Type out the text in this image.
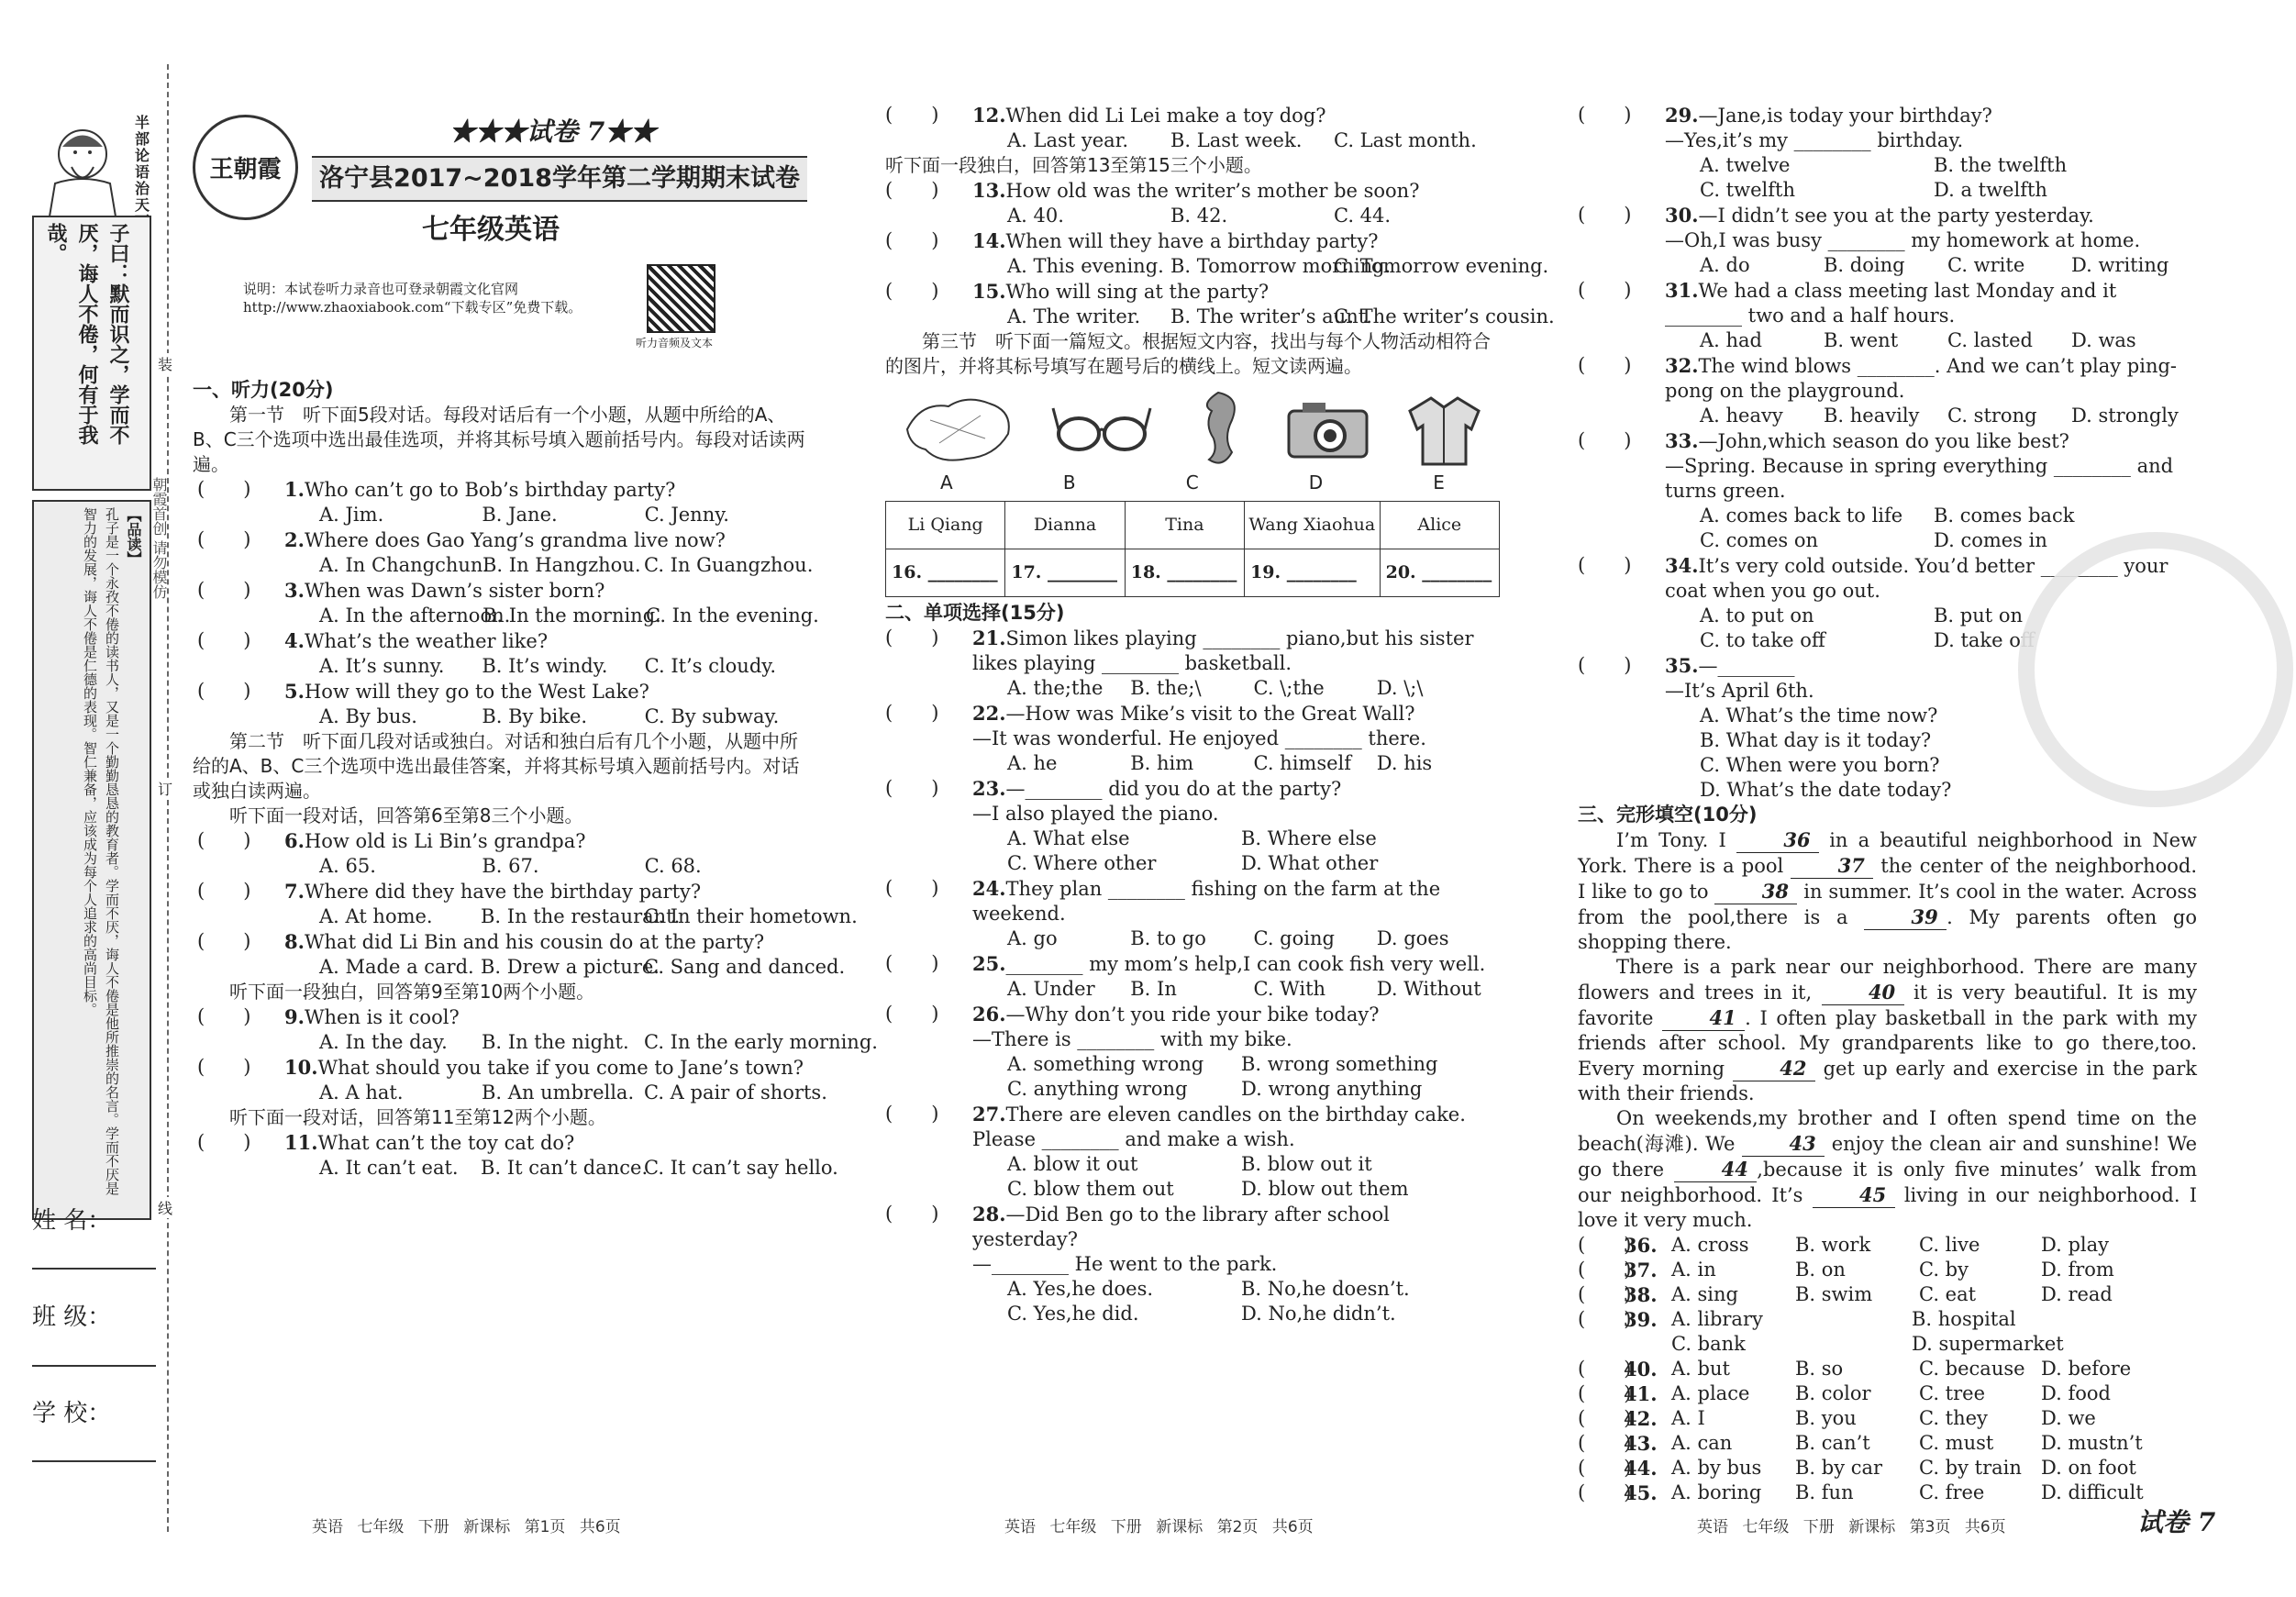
半
部
论
语
治
天

子曰：默而识之，学而不厌，诲人不倦，何有于我哉。
【品读】
孔子是一个永孜不倦的读书人，又是一个勤勤恳恳的教育者。学而不厌，诲人不倦是他所推崇的名言。学而不厌是智力的发展，诲人不倦是仁德的表现。智仁兼备，应该成为每个人追求的高尚目标。
姓 名：
班 级：
学 校：
装
订
线
朝霞首创 请勿模仿
王朝霞
★★★试卷 7★★
洛宁县2017~2018学年第二学期期末试卷
七年级英语
说明：本试卷听力录音也可登录朝霞文化官网 http://www.zhaoxiabook.com“下载专区”免费下载。
听力音频及文本
一、听力(20分)
第一节　听下面5段对话。每段对话后有一个小题，从题中所给的A、B、C三个选项中选出最佳选项，并将其标号填入题前括号内。每段对话读两遍。
(  ) 1.Who can’t go to Bob’s birthday party?
A. Jim.	B. Jane.	C. Jenny.
(  ) 2.Where does Gao Yang’s grandma live now?
A. In Changchun.
B. In Hangzhou. C. In Guangzhou.
(  ) 3.When was Dawn’s sister born?
A. In the afternoon.
B. In the morning.
C. In the evening.
(  ) 4.What’s the weather like?
A. It’s sunny.	B. It’s windy.	C. It’s cloudy.
(  ) 5.How will they go to the West Lake?
A. By bus.	B. By bike.	C. By subway.
第二节　听下面几段对话或独白。对话和独白后有几个小题，从题中所给的A、B、C三个选项中选出最佳答案，并将其标号填入题前括号内。对话或独白读两遍。
听下面一段对话，回答第6至第8三个小题。
(  ) 6.How old is Li Bin’s grandpa?
A. 65.	B. 67.	C. 68.
(  ) 7.Where did they have the birthday party?
A. At home.	B. In the restaurant.
C. In their hometown.
(  ) 8.What did Li Bin and his cousin do at the party?
A. Made a card. B. Drew a picture.
C. Sang and danced.
听下面一段独白，回答第9至第10两个小题。
(  ) 9.When is it cool?
A. In the day.	B. In the night. C. In the early morning.
(  ) 10.What should you take if you come to Jane’s town?
A. A hat.	B. An umbrella. C. A pair of shorts.
听下面一段对话，回答第11至第12两个小题。
(  ) 11.What can’t the toy cat do?
A. It can’t eat.	B. It can’t dance.
C. It can’t say hello.
英语 七年级 下册 新课标 第1页 共6页
(  ) 12.When did Li Lei make a toy dog?
A. Last year.	B. Last week.	C. Last month.
听下面一段独白，回答第13至第15三个小题。
(  ) 13.How old was the writer’s mother be soon?
A. 40.	B. 42.	C. 44.
(  ) 14.When will they have a birthday party?
A. This evening. B. Tomorrow morning.
C. Tomorrow evening.
(  ) 15.Who will sing at the party?
A. The writer.	B. The writer’s aunt.
C. The writer’s cousin.
第三节　听下面一篇短文。根据短文内容，找出与每个人物活动相符合的图片，并将其标号填写在题号后的横线上。短文读两遍。
A	B	C	D	E
Li Qiang	Dianna	Tina	Wang Xiaohua	Alice
16. ________	17. ________	18. ________	19. ________	20. ________
二、单项选择(15分)
(  ) 21.Simon likes playing ________ piano,but his sister likes playing ________ basketball.
A. the;the	B. the;\	C. \;the	D. \;\
(  ) 22.—How was Mike’s visit to the Great Wall?
—It was wonderful. He enjoyed ________ there.
A. he	B. him	C. himself	D. his
(  ) 23.—________ did you do at the party?
—I also played the piano.
A. What else	B. Where else
C. Where other	D. What other
(  ) 24.They plan ________ fishing on the farm at the weekend.
A. go	B. to go	C. going	D. goes
(  ) 25.________ my mom’s help,I can cook fish very well.
A. Under	B. In	C. With	D. Without
(  ) 26.—Why don’t you ride your bike today?
—There is ________ with my bike.
A. something wrong	B. wrong something
C. anything wrong	D. wrong anything
(  ) 27.There are eleven candles on the birthday cake. Please ________ and make a wish.
A. blow it out	B. blow out it
C. blow them out	D. blow out them
(  ) 28.—Did Ben go to the library after school yesterday?
—________ He went to the park.
A. Yes,he does.	B. No,he doesn’t.
C. Yes,he did.	D. No,he didn’t.
英语 七年级 下册 新课标 第2页 共6页
(  ) 29.—Jane,is today your birthday?
—Yes,it’s my ________ birthday.
A. twelve	B. the twelfth
C. twelfth	D. a twelfth
(  ) 30.—I didn’t see you at the party yesterday.
—Oh,I was busy ________ my homework at home.
A. do	B. doing	C. write	D. writing
(  ) 31.We had a class meeting last Monday and it ________ two and a half hours.
A. had	B. went	C. lasted	D. was
(  ) 32.The wind blows ________. And we can’t play ping-pong on the playground.
A. heavy	B. heavily	C. strong	D. strongly
(  ) 33.—John,which season do you like best?
—Spring. Because in spring everything ________ and turns green.
A. comes back to life	B. comes back
C. comes on	D. comes in
(  ) 34.It’s very cold outside. You’d better ________ your coat when you go out.
A. to put on	B. put on
C. to take off	D. take off
(  ) 35.—________
—It’s April 6th.
A. What’s the time now?
B. What day is it today?
C. When were you born?
D. What’s the date today?
三、完形填空(10分)
I’m Tony. I 36 in a beautiful neighborhood in New York. There is a pool 37 the center of the neighborhood. I like to go to 38 in summer. It’s cool in the water. Across from the pool,there is a 39 . My parents often go shopping there.
There is a park near our neighborhood. There are many flowers and trees in it, 40 it is very beautiful. It is my favorite 41 . I often play basketball in the park with my friends after school. My grandparents like to go there,too. Every morning 42 get up early and exercise in the park with their friends.
On weekends,my brother and I often spend time on the beach(海滩). We 43 enjoy the clean air and sunshine! We go there 44 ,because it is only five minutes’ walk from our neighborhood. It’s 45 living in our neighborhood. I love it very much.
(  )
36. A. cross	B. work	C. live	D. play
(  )
37. A. in	B. on	C. by	D. from
(  )
38. A. sing	B. swim	C. eat	D. read
(  )
39. A. library	B. hospital
C. bank	D. supermarket
(  )
40. A. but	B. so	C. because D. before
(  )
41. A. place	B. color	C. tree	D. food
(  )
42. A. I	B. you	C. they	D. we
(  )
43. A. can	B. can’t	C. must	D. mustn’t
(  )
44. A. by bus	B. by car	C. by train	D. on foot
(  )
45. A. boring	B. fun	C. free	D. difficult
英语 七年级 下册 新课标 第3页 共6页	试卷 7
